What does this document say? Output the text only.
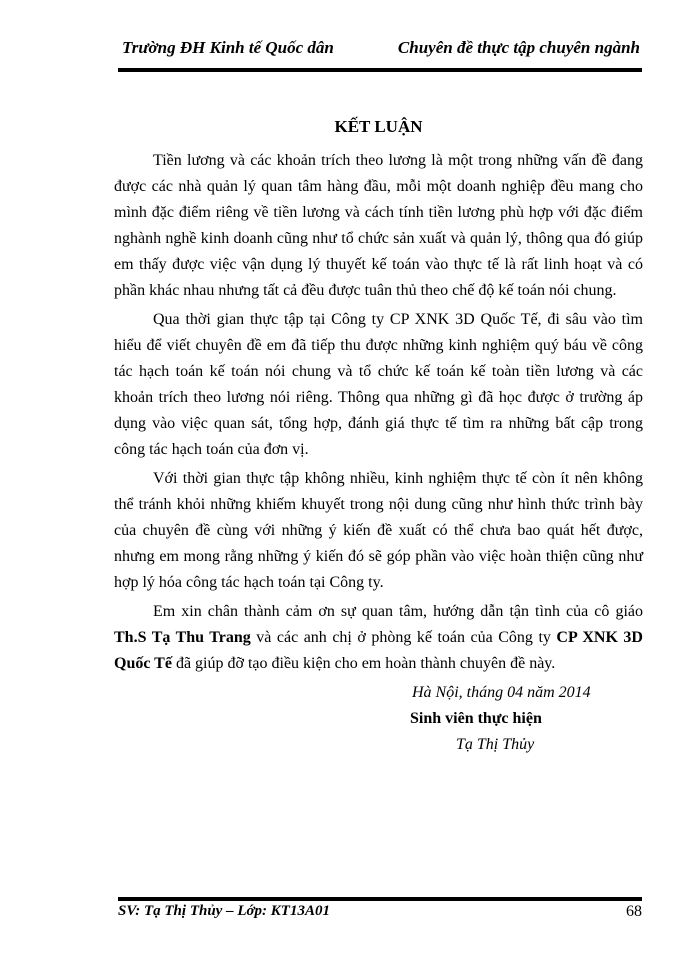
Trường ĐH Kinh tế Quốc dân	Chuyên đề thực tập chuyên ngành
KẾT LUẬN

Tiền lương và các khoản trích theo lương là một trong những vấn đề đang được các nhà quản lý quan tâm hàng đầu, mỗi một doanh nghiệp đều mang cho mình đặc điểm riêng về tiền lương và cách tính tiền lương phù hợp với đặc điểm nghành nghề kinh doanh cũng như tổ chức sản xuất và quản lý, thông qua đó giúp em thấy được việc vận dụng lý thuyết kế toán vào thực tế là rất linh hoạt và có phần khác nhau nhưng tất cả đều được tuân thủ theo chế độ kế toán nói chung.

Qua thời gian thực tập tại Công ty CP XNK 3D Quốc Tế, đi sâu vào tìm hiểu để viết chuyên đề em đã tiếp thu được những kinh nghiệm quý báu về công tác hạch toán kế toán nói chung và tổ chức kế toán kế toàn tiền lương và các khoản trích theo lương nói riêng. Thông qua những gì đã học được ở trường áp dụng vào việc quan sát, tổng hợp, đánh giá thực tế tìm ra những bất cập trong công tác hạch toán của đơn vị.

Với thời gian thực tập không nhiều, kinh nghiệm thực tế còn ít nên không thể tránh khỏi những khiếm khuyết trong nội dung cũng như hình thức trình bày của chuyên đề cùng với những ý kiến đề xuất có thể chưa bao quát hết được, nhưng em mong rằng những ý kiến đó sẽ góp phần vào việc hoàn thiện cũng như hợp lý hóa công tác hạch toán tại Công ty.

Em xin chân thành cảm ơn sự quan tâm, hướng dẫn tận tình của cô giáo Th.S Tạ Thu Trang và các anh chị ở phòng kế toán của Công ty CP XNK 3D Quốc Tế đã giúp đỡ tạo điều kiện cho em hoàn thành chuyên đề này.

Hà Nội, tháng 04 năm 2014
Sinh viên thực hiện
Tạ Thị Thủy
SV: Tạ Thị Thủy – Lớp: KT13A01	68
